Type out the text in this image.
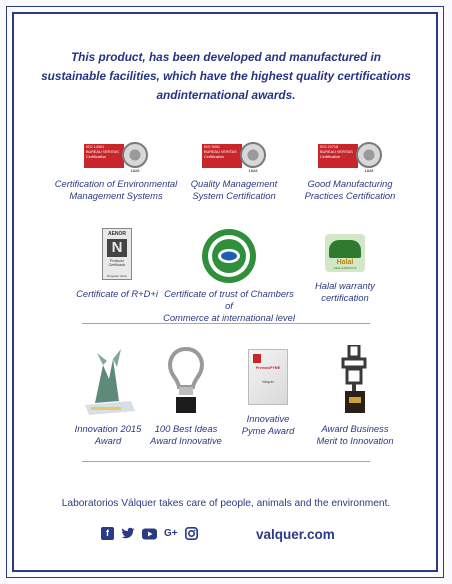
This product, has been developed and manufactured in sustainable facilities, which have the highest quality certifications andinternational awards.
ISO 14001
BUREAU VERITAS
Certification
1828
Certification of Environmental
Management Systems
ISO 9001
BUREAU VERITAS
Certification
1828
Quality Management
System Certification
ISO 22716
BUREAU VERITAS
Certification
1828
Good Manufacturing
Practices Certification
AENOR
N
Producto
Certificado
Proyecto I+D+i
Certificate of R+D+i Certificate of trust of Chambers of
Commerce at international level
Halal
Halal GARANTIA
Halal warranty
certification
Innovation 2015
Award
100 Best Ideas
Award Innovative
PremiosPYME
Valquer
Innovative
Pyme Award	Award Business
Merit to Innovation
Laboratorios Válquer takes care of people, animals and the environment.
f	G+	valquer.com
